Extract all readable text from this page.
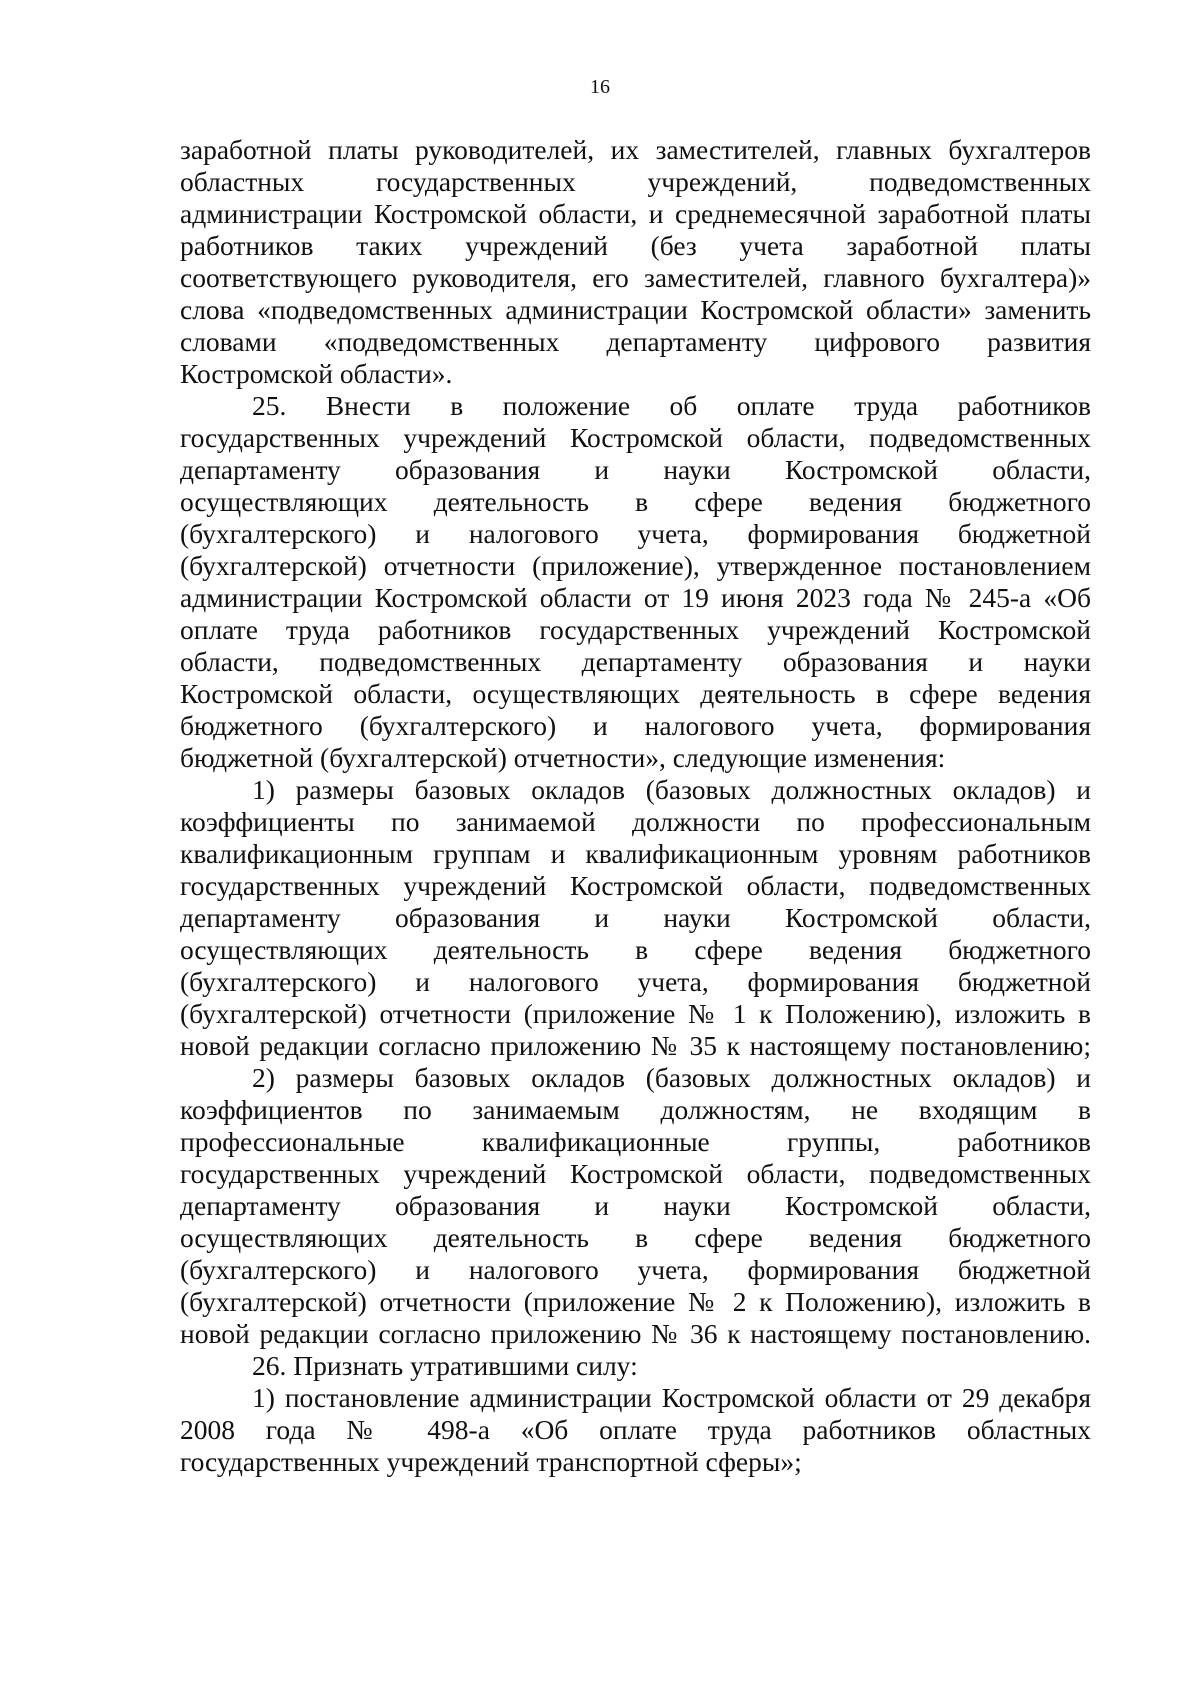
16
заработной платы руководителей, их заместителей, главных бухгалтеров
областных государственных учреждений, подведомственных
администрации Костромской области, и среднемесячной заработной платы
работников таких учреждений (без учета заработной платы
соответствующего руководителя, его заместителей, главного бухгалтера)»
слова «подведомственных администрации Костромской области» заменить
словами «подведомственных департаменту цифрового развития
Костромской области».
25. Внести в положение об оплате труда работников
государственных учреждений Костромской области, подведомственных
департаменту образования и науки Костромской области,
осуществляющих деятельность в сфере ведения бюджетного
(бухгалтерского) и налогового учета, формирования бюджетной
(бухгалтерской) отчетности (приложение), утвержденное постановлением
администрации Костромской области от 19 июня 2023 года № 245-а «Об
оплате труда работников государственных учреждений Костромской
области, подведомственных департаменту образования и науки
Костромской области, осуществляющих деятельность в сфере ведения
бюджетного (бухгалтерского) и налогового учета, формирования
бюджетной (бухгалтерской) отчетности», следующие изменения:
1) размеры базовых окладов (базовых должностных окладов) и
коэффициенты по занимаемой должности по профессиональным
квалификационным группам и квалификационным уровням работников
государственных учреждений Костромской области, подведомственных
департаменту образования и науки Костромской области,
осуществляющих деятельность в сфере ведения бюджетного
(бухгалтерского) и налогового учета, формирования бюджетной
(бухгалтерской) отчетности (приложение № 1 к Положению), изложить в
новой редакции согласно приложению № 35 к настоящему постановлению;
2) размеры базовых окладов (базовых должностных окладов) и
коэффициентов по занимаемым должностям, не входящим в
профессиональные квалификационные группы, работников
государственных учреждений Костромской области, подведомственных
департаменту образования и науки Костромской области,
осуществляющих деятельность в сфере ведения бюджетного
(бухгалтерского) и налогового учета, формирования бюджетной
(бухгалтерской) отчетности (приложение № 2 к Положению), изложить в
новой редакции согласно приложению № 36 к настоящему постановлению.
26. Признать утратившими силу:
1) постановление администрации Костромской области от 29 декабря
2008 года № 498-а «Об оплате труда работников областных
государственных учреждений транспортной сферы»;
